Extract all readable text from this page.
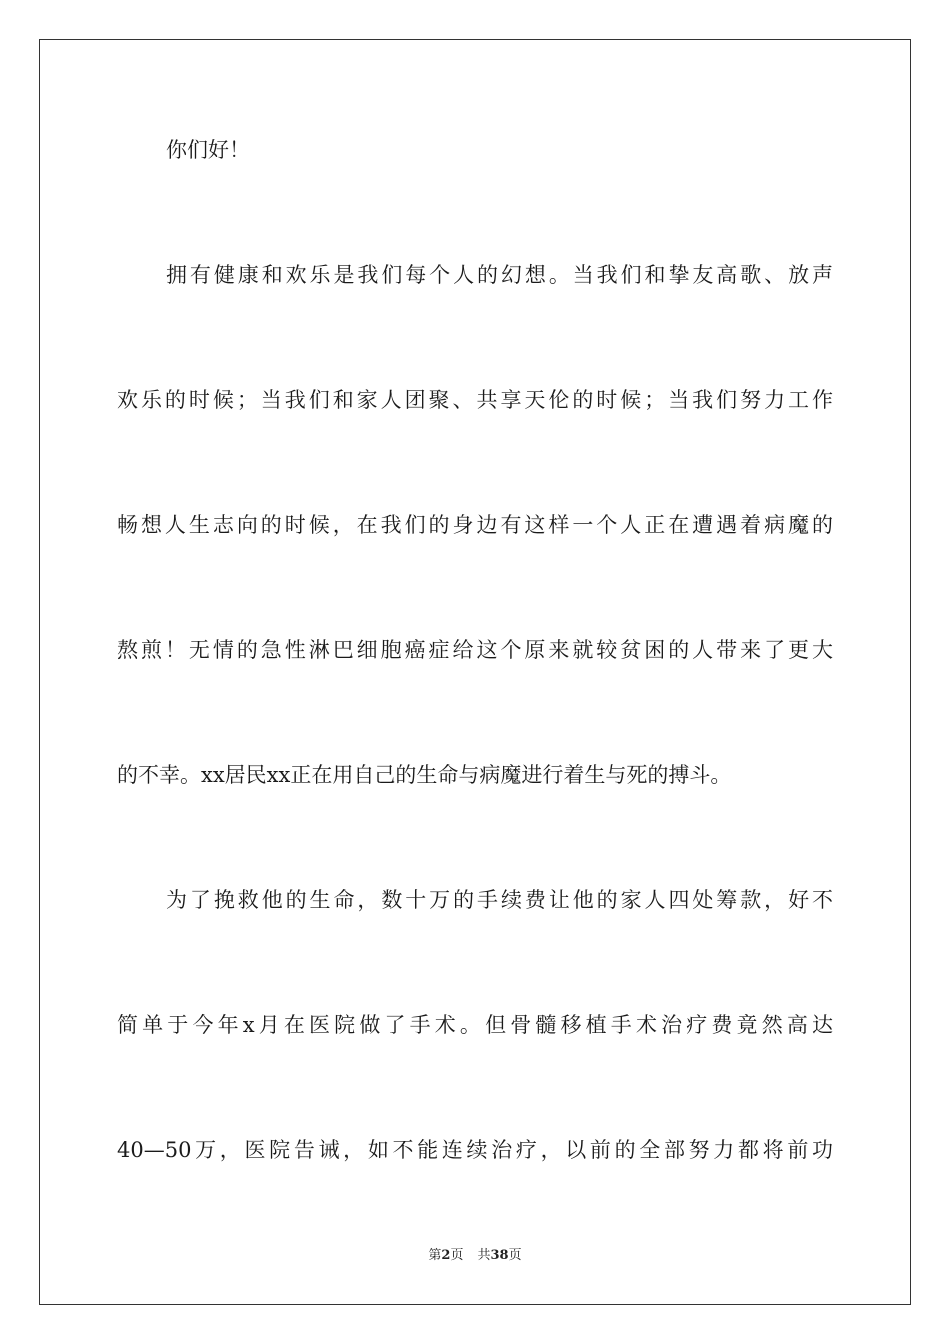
你们好！
拥有健康和欢乐是我们每个人的幻想。当我们和挚友高歌、放声
欢乐的时候；当我们和家人团聚、共享天伦的时候；当我们努力工作
畅想人生志向的时候，在我们的身边有这样一个人正在遭遇着病魔的
熬煎！无情的急性淋巴细胞癌症给这个原来就较贫困的人带来了更大
的不幸。xx居民xx正在用自己的生命与病魔进行着生与死的搏斗。
为了挽救他的生命，数十万的手续费让他的家人四处筹款，好不
简单于今年x月在医院做了手术。但骨髓移植手术治疗费竟然高达
40—50万，医院告诫，如不能连续治疗，以前的全部努力都将前功
第2页 共38页
